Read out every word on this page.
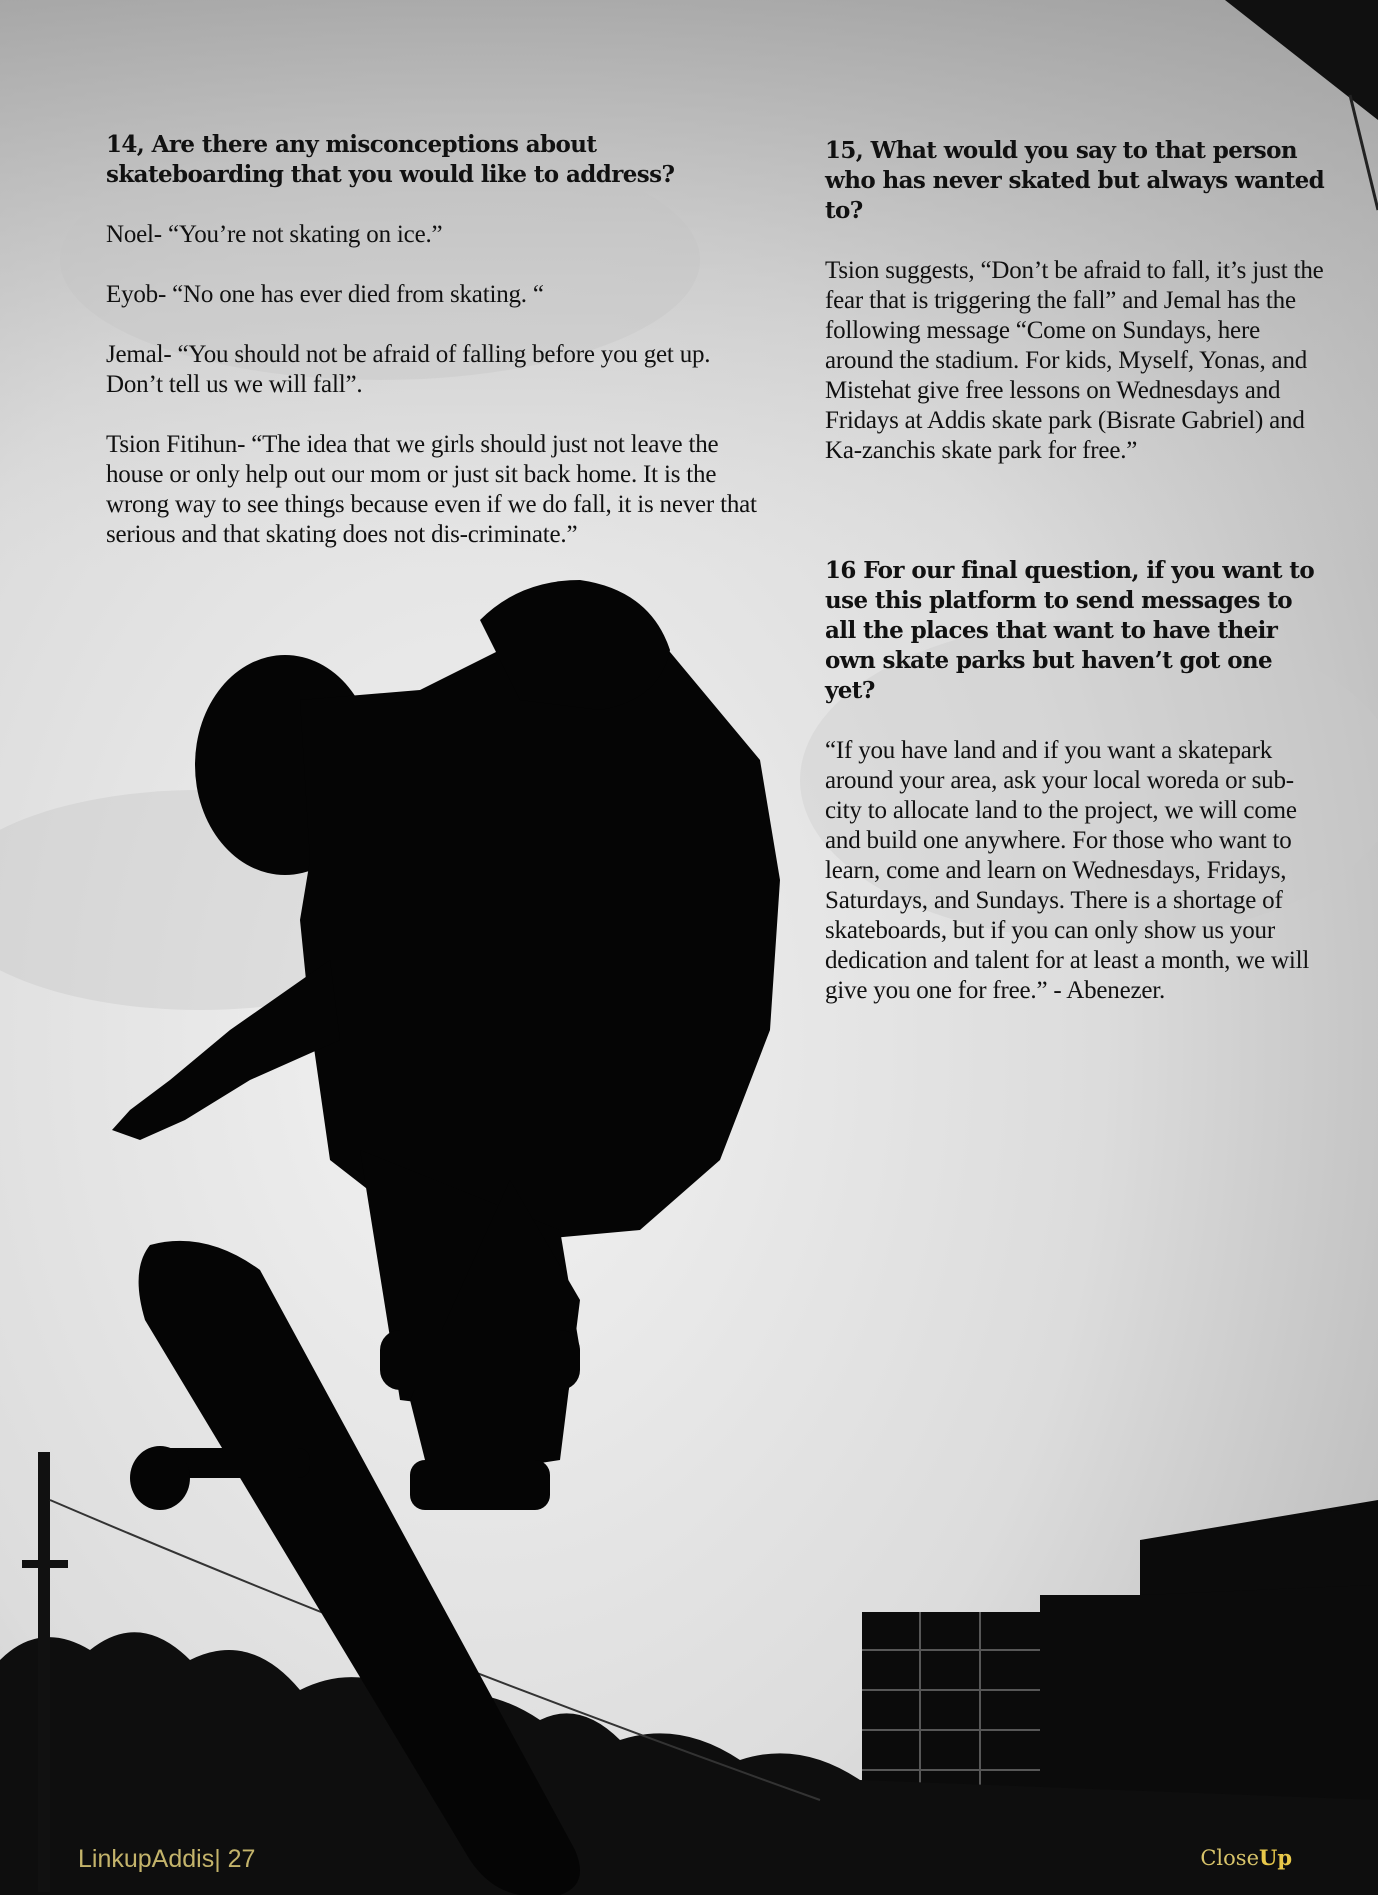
14, Are there any misconceptions about skateboarding that you would like to address?
Noel- “You’re not skating on ice.”
Eyob- “No one has ever died from skating. “
Jemal- “You should not be afraid of falling before you get up. Don’t tell us we will fall”.
Tsion Fitihun- “The idea that we girls should just not leave the house or only help out our mom or just sit back home. It is the wrong way to see things because even if we do fall, it is never that serious and that skating does not dis-criminate.”
15, What would you say to that person who has never skated but always wanted to?
Tsion suggests, “Don’t be afraid to fall, it’s just the fear that is triggering the fall” and Jemal has the following message “Come on Sundays, here around the stadium. For kids, Myself, Yonas, and Mistehat give free lessons on Wednesdays and Fridays at Addis skate park (Bisrate Gabriel) and Ka-zanchis skate park for free.”
16 For our final question, if you want to use this platform to send messages to all the places that want to have their own skate parks but haven’t got one yet?
“If you have land and if you want a skatepark around your area, ask your local woreda or sub-city to allocate land to the project, we will come and build one anywhere. For those who want to learn, come and learn on Wednesdays, Fridays, Saturdays, and Sundays. There is a shortage of skateboards, but if you can only show us your dedication and talent for at least a month, we will give you one for free.” - Abenezer.
LinkupAddis| 27	CloseUp
